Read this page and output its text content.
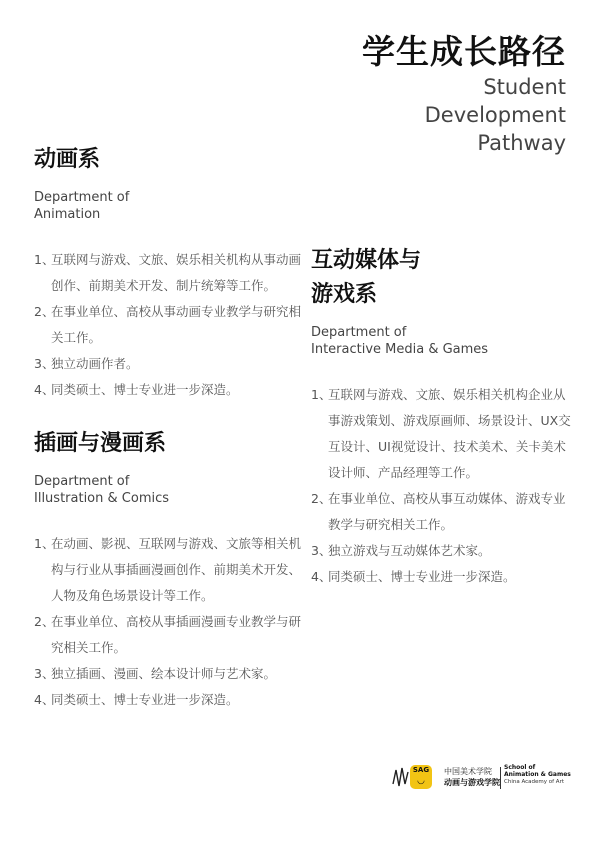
学生成长路径
Student
Development
Pathway
动画系
Department of
Animation
1、
互联网与游戏、文旅、娱乐相关机构从事动画创作、前期美术开发、制片统筹等工作。
2、
在事业单位、高校从事动画专业教学与研究相关工作。
3、
独立动画作者。
4、
同类硕士、博士专业进一步深造。
插画与漫画系
Department of
Illustration & Comics
1、
在动画、影视、互联网与游戏、文旅等相关机构与行业从事插画漫画创作、前期美术开发、人物及角色场景设计等工作。
2、
在事业单位、高校从事插画漫画专业教学与研究相关工作。
3、
独立插画、漫画、绘本设计师与艺术家。
4、
同类硕士、博士专业进一步深造。
互动媒体与
游戏系
Department of
Interactive Media & Games
1、
互联网与游戏、文旅、娱乐相关机构企业从事游戏策划、游戏原画师、场景设计、UX交互设计、UI视觉设计、技术美术、关卡美术设计师、产品经理等工作。
2、
在事业单位、高校从事互动媒体、游戏专业教学与研究相关工作。
3、
独立游戏与互动媒体艺术家。
4、
同类硕士、博士专业进一步深造。
SAG
◡
中国美术学院
动画与游戏学院
School of
Animation & Games
China Academy of Art
